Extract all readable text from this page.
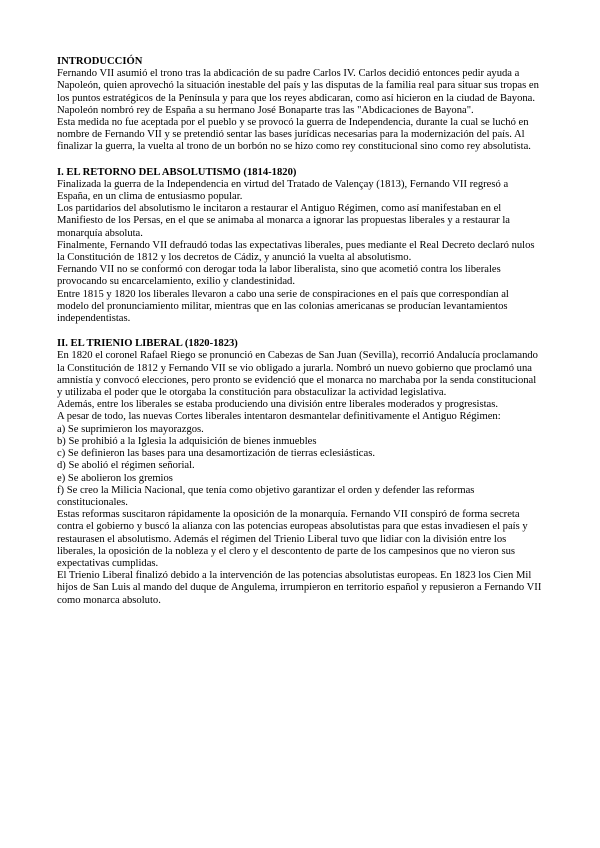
INTRODUCCIÓN

Fernando VII asumió el trono tras la abdicación de su padre Carlos IV. Carlos decidió entonces pedir ayuda a Napoleón, quien aprovechó la situación inestable del país y las disputas de la familia real para situar sus tropas en los puntos estratégicos de la Península y para que los reyes abdicaran, como así hicieron en la ciudad de Bayona. Napoleón nombró rey de España a su hermano José Bonaparte tras las "Abdicaciones de Bayona".

Esta medida no fue aceptada por el pueblo y se provocó la guerra de Independencia, durante la cual se luchó en nombre de Fernando VII y se pretendió sentar las bases jurídicas necesarias para la modernización del país. Al finalizar la guerra, la vuelta al trono de un borbón no se hizo como rey constitucional sino como rey absolutista.

I. EL RETORNO DEL ABSOLUTISMO (1814-1820)

Finalizada la guerra de la Independencia en virtud del Tratado de Valençay (1813), Fernando VII regresó a España, en un clima de entusiasmo popular.

Los partidarios del absolutismo le incitaron a restaurar el Antiguo Régimen, como así manifestaban en el Manifiesto de los Persas, en el que se animaba al monarca a ignorar las propuestas liberales y a restaurar la monarquía absoluta.

Finalmente, Fernando VII defraudó todas las expectativas liberales, pues mediante el Real Decreto declaró nulos la Constitución de 1812 y los decretos de Cádiz, y anunció la vuelta al absolutismo.

Fernando VII no se conformó con derogar toda la labor liberalista, sino que acometió contra los liberales provocando su encarcelamiento, exilio y clandestinidad.

Entre 1815 y 1820 los liberales llevaron a cabo una serie de conspiraciones en el país que correspondían al modelo del pronunciamiento militar, mientras que en las colonias americanas se producían levantamientos independentistas.

II. EL TRIENIO LIBERAL (1820-1823)

En 1820 el coronel Rafael Riego se pronunció en Cabezas de San Juan (Sevilla), recorrió Andalucía proclamando la Constitución de 1812 y Fernando VII se vio obligado a jurarla. Nombró un nuevo gobierno que proclamó una amnistía y convocó elecciones, pero pronto se evidenció que el monarca no marchaba por la senda constitucional y utilizaba el poder que le otorgaba la constitución para obstaculizar la actividad legislativa.

Además, entre los liberales se estaba produciendo una división entre liberales moderados y progresistas.

A pesar de todo, las nuevas Cortes liberales intentaron desmantelar definitivamente el Antiguo Régimen:

a) Se suprimieron los mayorazgos.

b) Se prohibió a la Iglesia la adquisición de bienes inmuebles

c) Se definieron las bases para una desamortización de tierras eclesiásticas.

d) Se abolió el régimen señorial.

e) Se abolieron los gremios

f) Se creo la Milicia Nacional, que tenía como objetivo garantizar el orden y defender las reformas constitucionales.

Estas reformas suscitaron rápidamente la oposición de la monarquía. Fernando VII conspiró de forma secreta contra el gobierno y buscó la alianza con las potencias europeas absolutistas para que estas invadiesen el país y restaurasen el absolutismo. Además el régimen del Trienio Liberal tuvo que lidiar con la división entre los liberales, la oposición de la nobleza y el clero y el descontento de parte de los campesinos que no vieron sus expectativas cumplidas.

El Trienio Liberal finalizó debido a la intervención de las potencias absolutistas europeas. En 1823 los Cien Mil hijos de San Luis al mando del duque de Angulema, irrumpieron en territorio español y repusieron a Fernando VII como monarca absoluto.
